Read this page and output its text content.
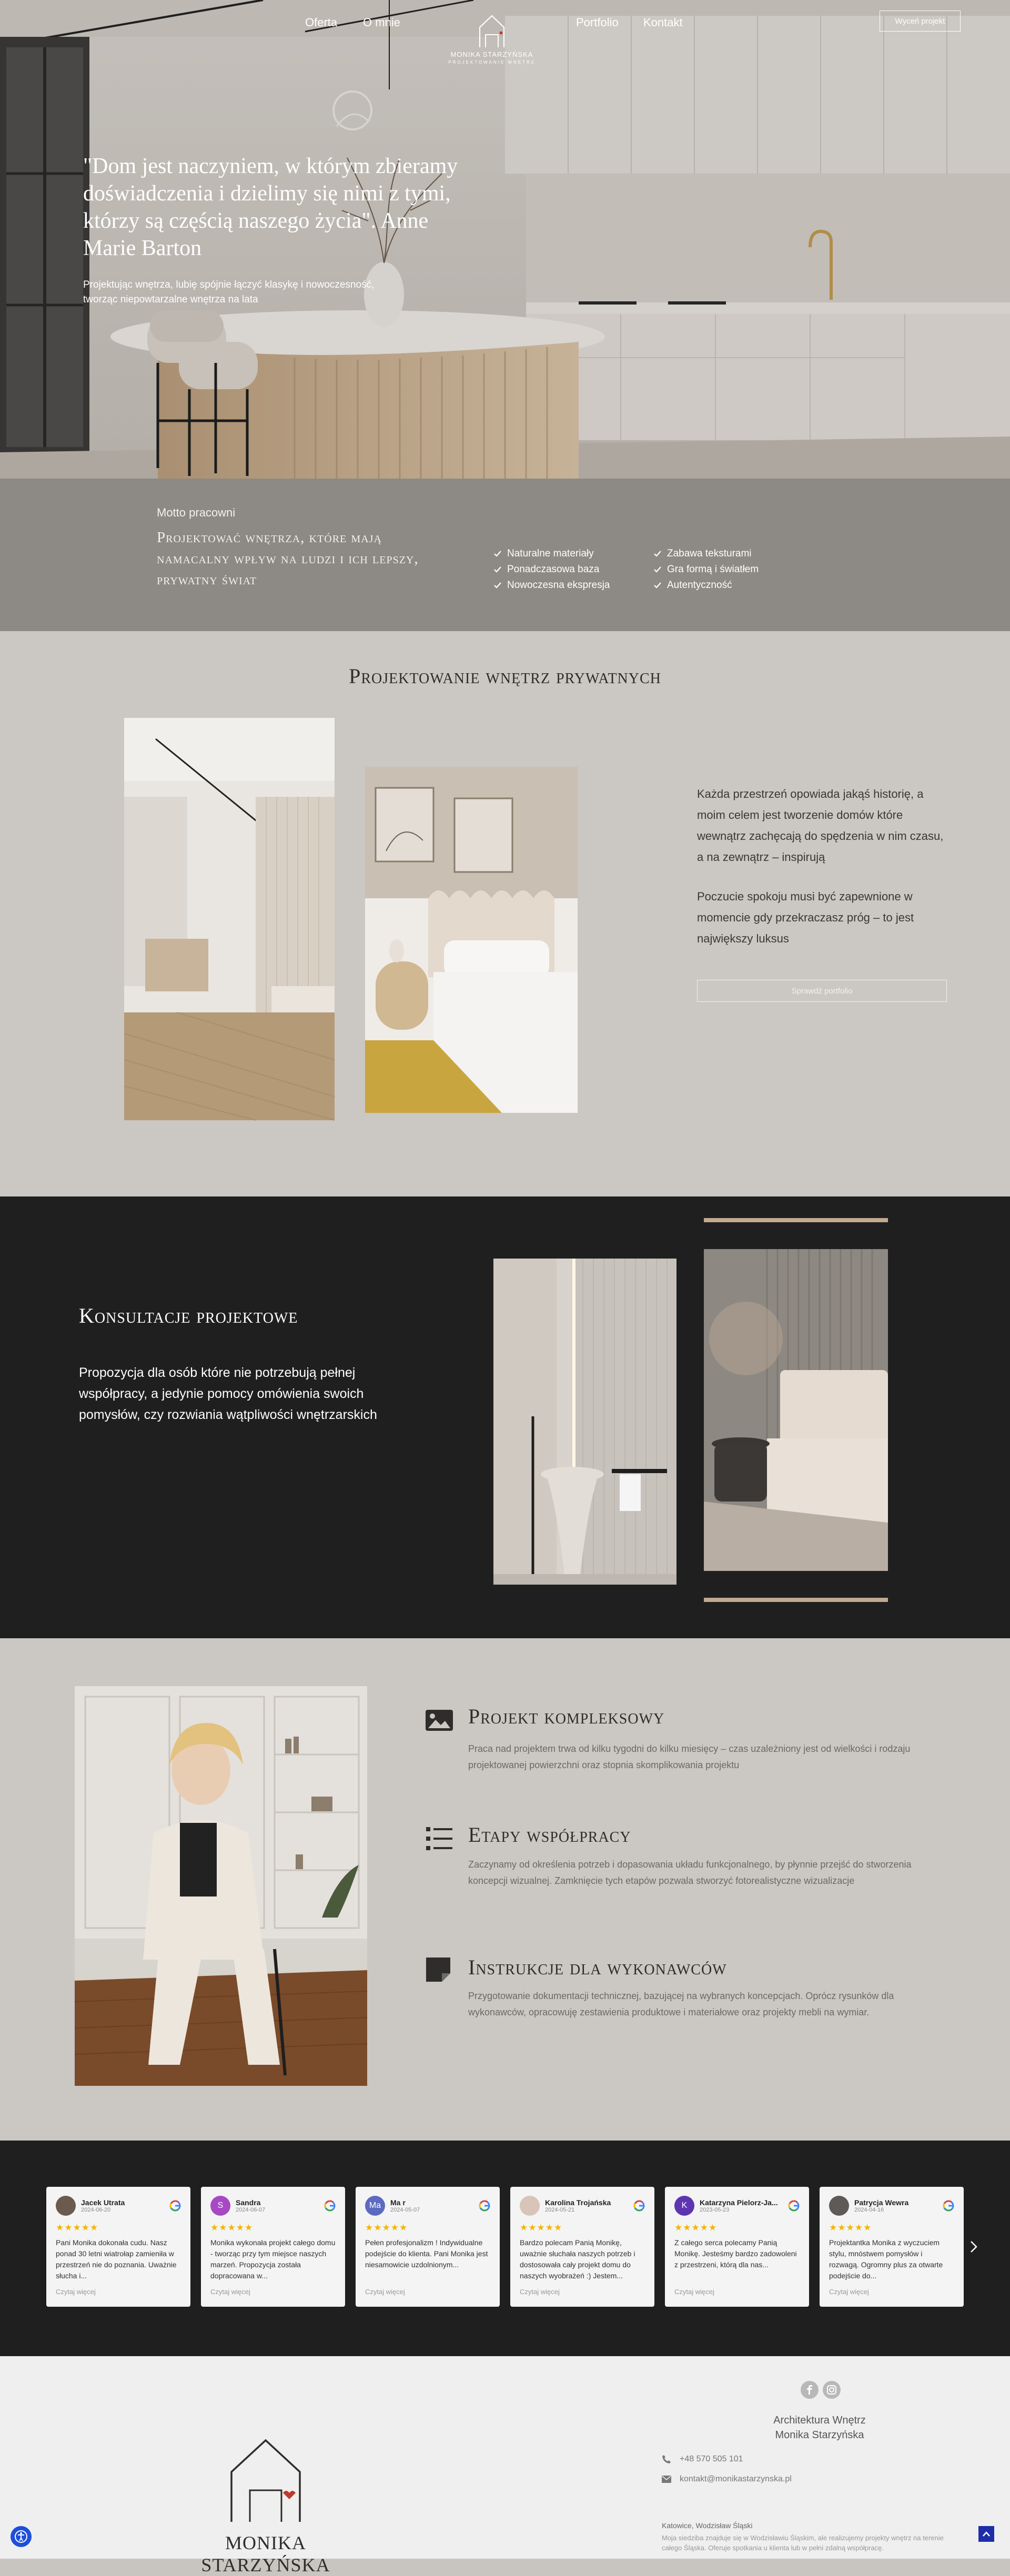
Oferta O mnie	Portfolio Kontakt
MONIKA STARZYŃSKA
PROJEKTOWANIE WNĘTRZ
Wyceń projekt
"Dom jest naczyniem, w którym zbieramy doświadczenia i dzielimy się nimi z tymi, którzy są częścią naszego życia". Anne Marie Barton
Projektując wnętrza, lubię spójnie łączyć klasykę i nowoczesność, tworząc niepowtarzalne wnętrza na lata
Motto pracowni
Projektować wnętrza, które mają namacalny wpływ na ludzi i ich lepszy, prywatny świat
Naturalne materiały
Ponadczasowa baza
Nowoczesna ekspresja
Zabawa teksturami
Gra formą i światłem
Autentyczność
Projektowanie wnętrz prywatnych
Każda przestrzeń opowiada jakąś historię, a moim celem jest tworzenie domów które wewnątrz zachęcają do spędzenia w nim czasu, a na zewnątrz – inspirują
Poczucie spokoju musi być zapewnione w momencie gdy przekraczasz próg – to jest największy luksus
Sprawdź portfolio
Konsultacje projektowe
Propozycja dla osób które nie potrzebują pełnej współpracy, a jedynie pomocy omówienia swoich pomysłów, czy rozwiania wątpliwości wnętrzarskich
Projekt kompleksowy
Praca nad projektem trwa od kilku tygodni do kilku miesięcy – czas uzależniony jest od wielkości i rodzaju projektowanej powierzchni oraz stopnia skomplikowania projektu
Etapy współpracy
Zaczynamy od określenia potrzeb i dopasowania układu funkcjonalnego, by płynnie przejść do stworzenia koncepcji wizualnej. Zamknięcie tych etapów pozwala stworzyć fotorealistyczne wizualizacje
Instrukcje dla wykonawców
Przygotowanie dokumentacji technicznej, bazującej na wybranych koncepcjach. Oprócz rysunków dla wykonawców, opracowuję zestawienia produktowe i materiałowe oraz projekty mebli na wymiar.
Jacek Utrata
2024-06-20
★★★★★
Pani Monika dokonała cudu. Nasz ponad 30 letni wiatrołap zamieniła w przestrzeń nie do poznania. Uważnie słucha i...
Czytaj więcej
S	Sandra
2024-06-07
★★★★★
Monika wykonała projekt całego domu - tworząc przy tym miejsce naszych marzeń. Propozycja została dopracowana w...
Czytaj więcej
Ma	Ma r
2024-05-07
★★★★★
Pełen profesjonalizm ! Indywidualne podejście do klienta. Pani Monika jest niesamowicie uzdolnionym...
Czytaj więcej
Karolina Trojańska
2024-05-21
★★★★★
Bardzo polecam Panią Monikę, uważnie słuchała naszych potrzeb i dostosowała cały projekt domu do naszych wyobrażeń :) Jestem...
Czytaj więcej
K	Katarzyna Pielorz-Ja...
2023-05-23
★★★★★
Z całego serca polecamy Panią Monikę. Jesteśmy bardzo zadowoleni z przestrzeni, którą dla nas...
Czytaj więcej
Patrycja Wewra
2024-04-16
★★★★★
Projektantka Monika z wyczuciem stylu, mnóstwem pomysłów i rozwagą. Ogromny plus za otwarte podejście do...
Czytaj więcej
Architektura Wnętrz
Monika Starzyńska
+48 570 505 101
kontakt@monikastarzynska.pl
Katowice, Wodzisław Śląski
Moja siedziba znajduje się w Wodzisławiu Śląskim, ale realizujemy projekty wnętrz na terenie całego Śląska. Oferuje spotkania u klienta lub w pełni zdalną współpracę.
MONIKA STARZYŃSKA
